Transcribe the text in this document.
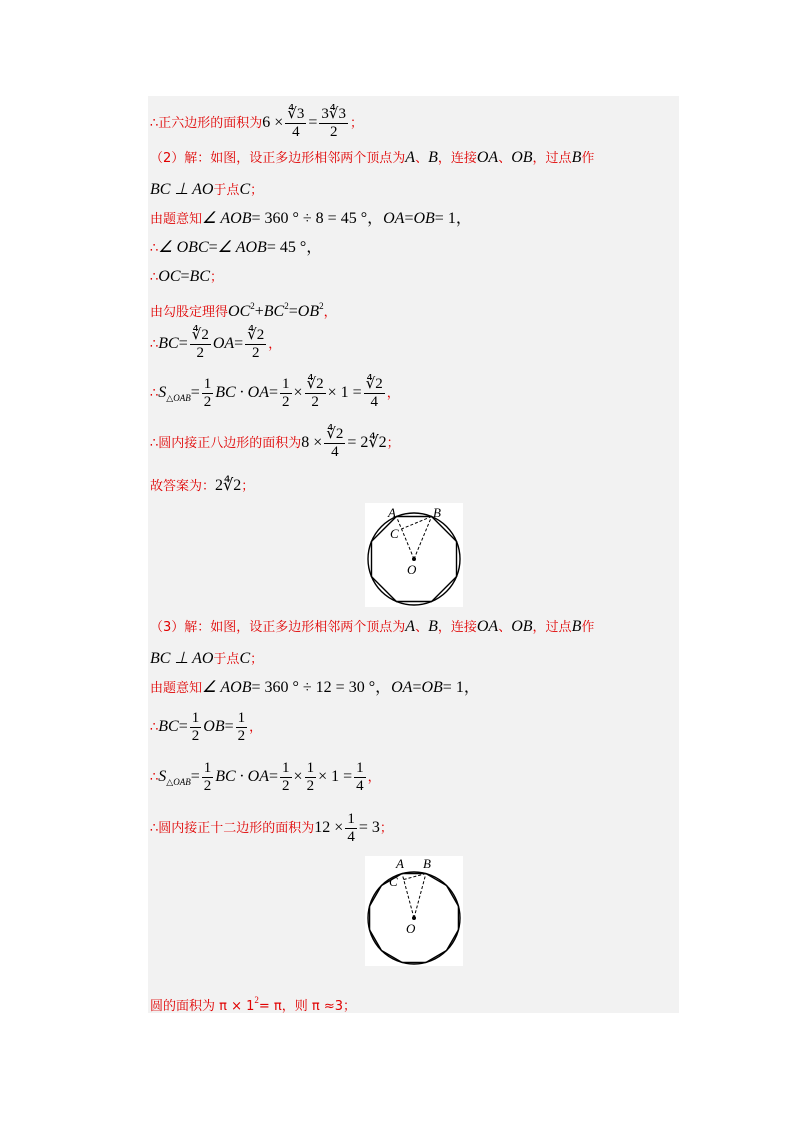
∴正六边形的面积为$6 \times \frac{∜3}{4} = \frac{3∜3}{2}$ ；
（2）解：如图，设正多边形相邻两个顶点为A、B，连接OA、OB，过点B作
BC ⊥ AO于点C；
由题意知∠ AOB= 360 ° ÷ 8 = 45 °，OA=OB= 1，
∴∠ OBC=∠ AOB= 45 °，
∴OC=BC；
由勾股定理得$OC^2+BC^2=OB^2$，
∴BC= $\frac{∜2}{2} OA= \frac{∜2}{2}$ ，
$\therefore S_{\triangle OAB}= \frac{1}{2}$ BC · $OA= \frac{1}{2} \times \frac{∜2}{2} \times 1 = \frac{∜2}{4}$ ，
∴圆内接正八边形的面积为$8 \times \frac{∜2}{4}$ = 2∜2；
故答案为：2∜2；
A	B
C
O
（3）解：如图，设正多边形相邻两个顶点为A、B，连接OA、OB，过点B作
BC ⊥ AO于点C；
由题意知∠ AOB= 360 ° ÷ 12 = 30 °，OA=OB= 1，
∴BC= $\frac{1}{2} OB= \frac{1}{2}$ ，
$\therefore S_{\triangle OAB}= \frac{1}{2}$ BC · $OA= \frac{1}{2} \times \frac{1}{2} \times 1 = \frac{1}{4}$ ，
∴圆内接正十二边形的面积为$12 \times \frac{1}{4} = 3$；
A B
C
O
圆的面积为 $\pi \times 1^2= \pi$，则 π ≈3；
